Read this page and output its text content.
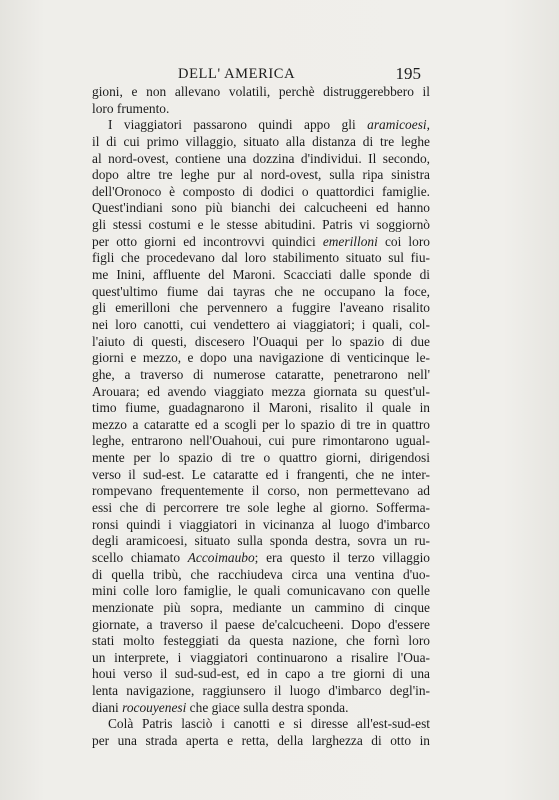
DELL' AMERICA	195
gioni, e non allevano volatili, perchè distruggerebbero il
loro frumento.
I viaggiatori passarono quindi appo gli aramicoesi,
il di cui primo villaggio, situato alla distanza di tre leghe
al nord-ovest, contiene una dozzina d'individui. Il secondo,
dopo altre tre leghe pur al nord-ovest, sulla ripa sinistra
dell'Oronoco è composto di dodici o quattordici famiglie.
Quest'indiani sono più bianchi dei calcucheeni ed hanno
gli stessi costumi e le stesse abitudini. Patris vi soggiornò
per otto giorni ed incontrovvi quindici emerilloni coi loro
figli che procedevano dal loro stabilimento situato sul fiu-
me Inini, affluente del Maroni. Scacciati dalle sponde di
quest'ultimo fiume dai tayras che ne occupano la foce,
gli emerilloni che pervennero a fuggire l'aveano risalito
nei loro canotti, cui vendettero ai viaggiatori; i quali, col-
l'aiuto di questi, discesero l'Ouaqui per lo spazio di due
giorni e mezzo, e dopo una navigazione di venticinque le-
ghe, a traverso di numerose cataratte, penetrarono nell'
Arouara; ed avendo viaggiato mezza giornata su quest'ul-
timo fiume, guadagnarono il Maroni, risalito il quale in
mezzo a cataratte ed a scogli per lo spazio di tre in quattro
leghe, entrarono nell'Ouahoui, cui pure rimontarono ugual-
mente per lo spazio di tre o quattro giorni, dirigendosi
verso il sud-est. Le cataratte ed i frangenti, che ne inter-
rompevano frequentemente il corso, non permettevano ad
essi che di percorrere tre sole leghe al giorno. Sofferma-
ronsi quindi i viaggiatori in vicinanza al luogo d'imbarco
degli aramicoesi, situato sulla sponda destra, sovra un ru-
scello chiamato Accoimaubo; era questo il terzo villaggio
di quella tribù, che racchiudeva circa una ventina d'uo-
mini colle loro famiglie, le quali comunicavano con quelle
menzionate più sopra, mediante un cammino di cinque
giornate, a traverso il paese de'calcucheeni. Dopo d'essere
stati molto festeggiati da questa nazione, che fornì loro
un interprete, i viaggiatori continuarono a risalire l'Oua-
houi verso il sud-sud-est, ed in capo a tre giorni di una
lenta navigazione, raggiunsero il luogo d'imbarco degl'in-
diani rocouyenesi che giace sulla destra sponda.
Colà Patris lasciò i canotti e si diresse all'est-sud-est
per una strada aperta e retta, della larghezza di otto in
